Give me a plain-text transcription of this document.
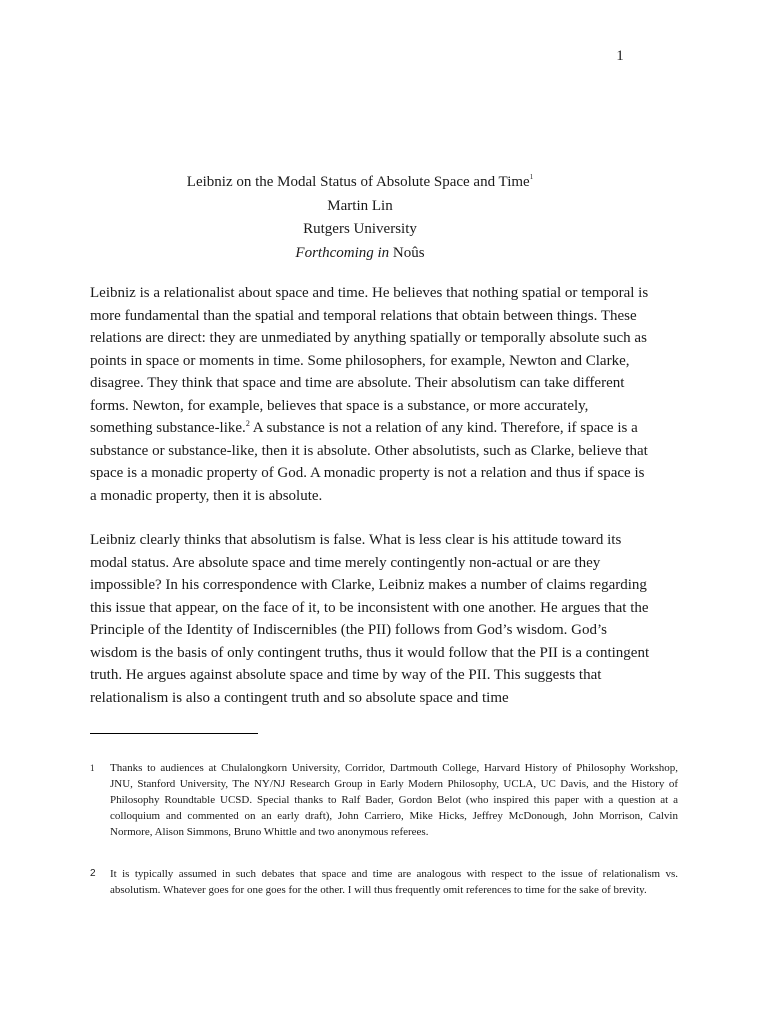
1
Leibniz on the Modal Status of Absolute Space and Time$^1$
Martin Lin
Rutgers University
Forthcoming in Noûs
Leibniz is a relationalist about space and time. He believes that nothing spatial or temporal is more fundamental than the spatial and temporal relations that obtain between things. These relations are direct: they are unmediated by anything spatially or temporally absolute such as points in space or moments in time. Some philosophers, for example, Newton and Clarke, disagree. They think that space and time are absolute. Their absolutism can take different forms. Newton, for example, believes that space is a substance, or more accurately, something substance-like.$^2$ A substance is not a relation of any kind. Therefore, if space is a substance or substance-like, then it is absolute. Other absolutists, such as Clarke, believe that space is a monadic property of God. A monadic property is not a relation and thus if space is a monadic property, then it is absolute.
Leibniz clearly thinks that absolutism is false. What is less clear is his attitude toward its modal status. Are absolute space and time merely contingently non-actual or are they impossible? In his correspondence with Clarke, Leibniz makes a number of claims regarding this issue that appear, on the face of it, to be inconsistent with one another. He argues that the Principle of the Identity of Indiscernibles (the PII) follows from God’s wisdom. God’s wisdom is the basis of only contingent truths, thus it would follow that the PII is a contingent truth. He argues against absolute space and time by way of the PII. This suggests that relationalism is also a contingent truth and so absolute space and time
1 Thanks to audiences at Chulalongkorn University, Corridor, Dartmouth College, Harvard History of Philosophy Workshop, JNU, Stanford University, The NY/NJ Research Group in Early Modern Philosophy, UCLA, UC Davis, and the History of Philosophy Roundtable UCSD. Special thanks to Ralf Bader, Gordon Belot (who inspired this paper with a question at a colloquium and commented on an early draft), John Carriero, Mike Hicks, Jeffrey McDonough, John Morrison, Calvin Normore, Alison Simmons, Bruno Whittle and two anonymous referees.
2 It is typically assumed in such debates that space and time are analogous with respect to the issue of relationalism vs. absolutism. Whatever goes for one goes for the other. I will thus frequently omit references to time for the sake of brevity.
